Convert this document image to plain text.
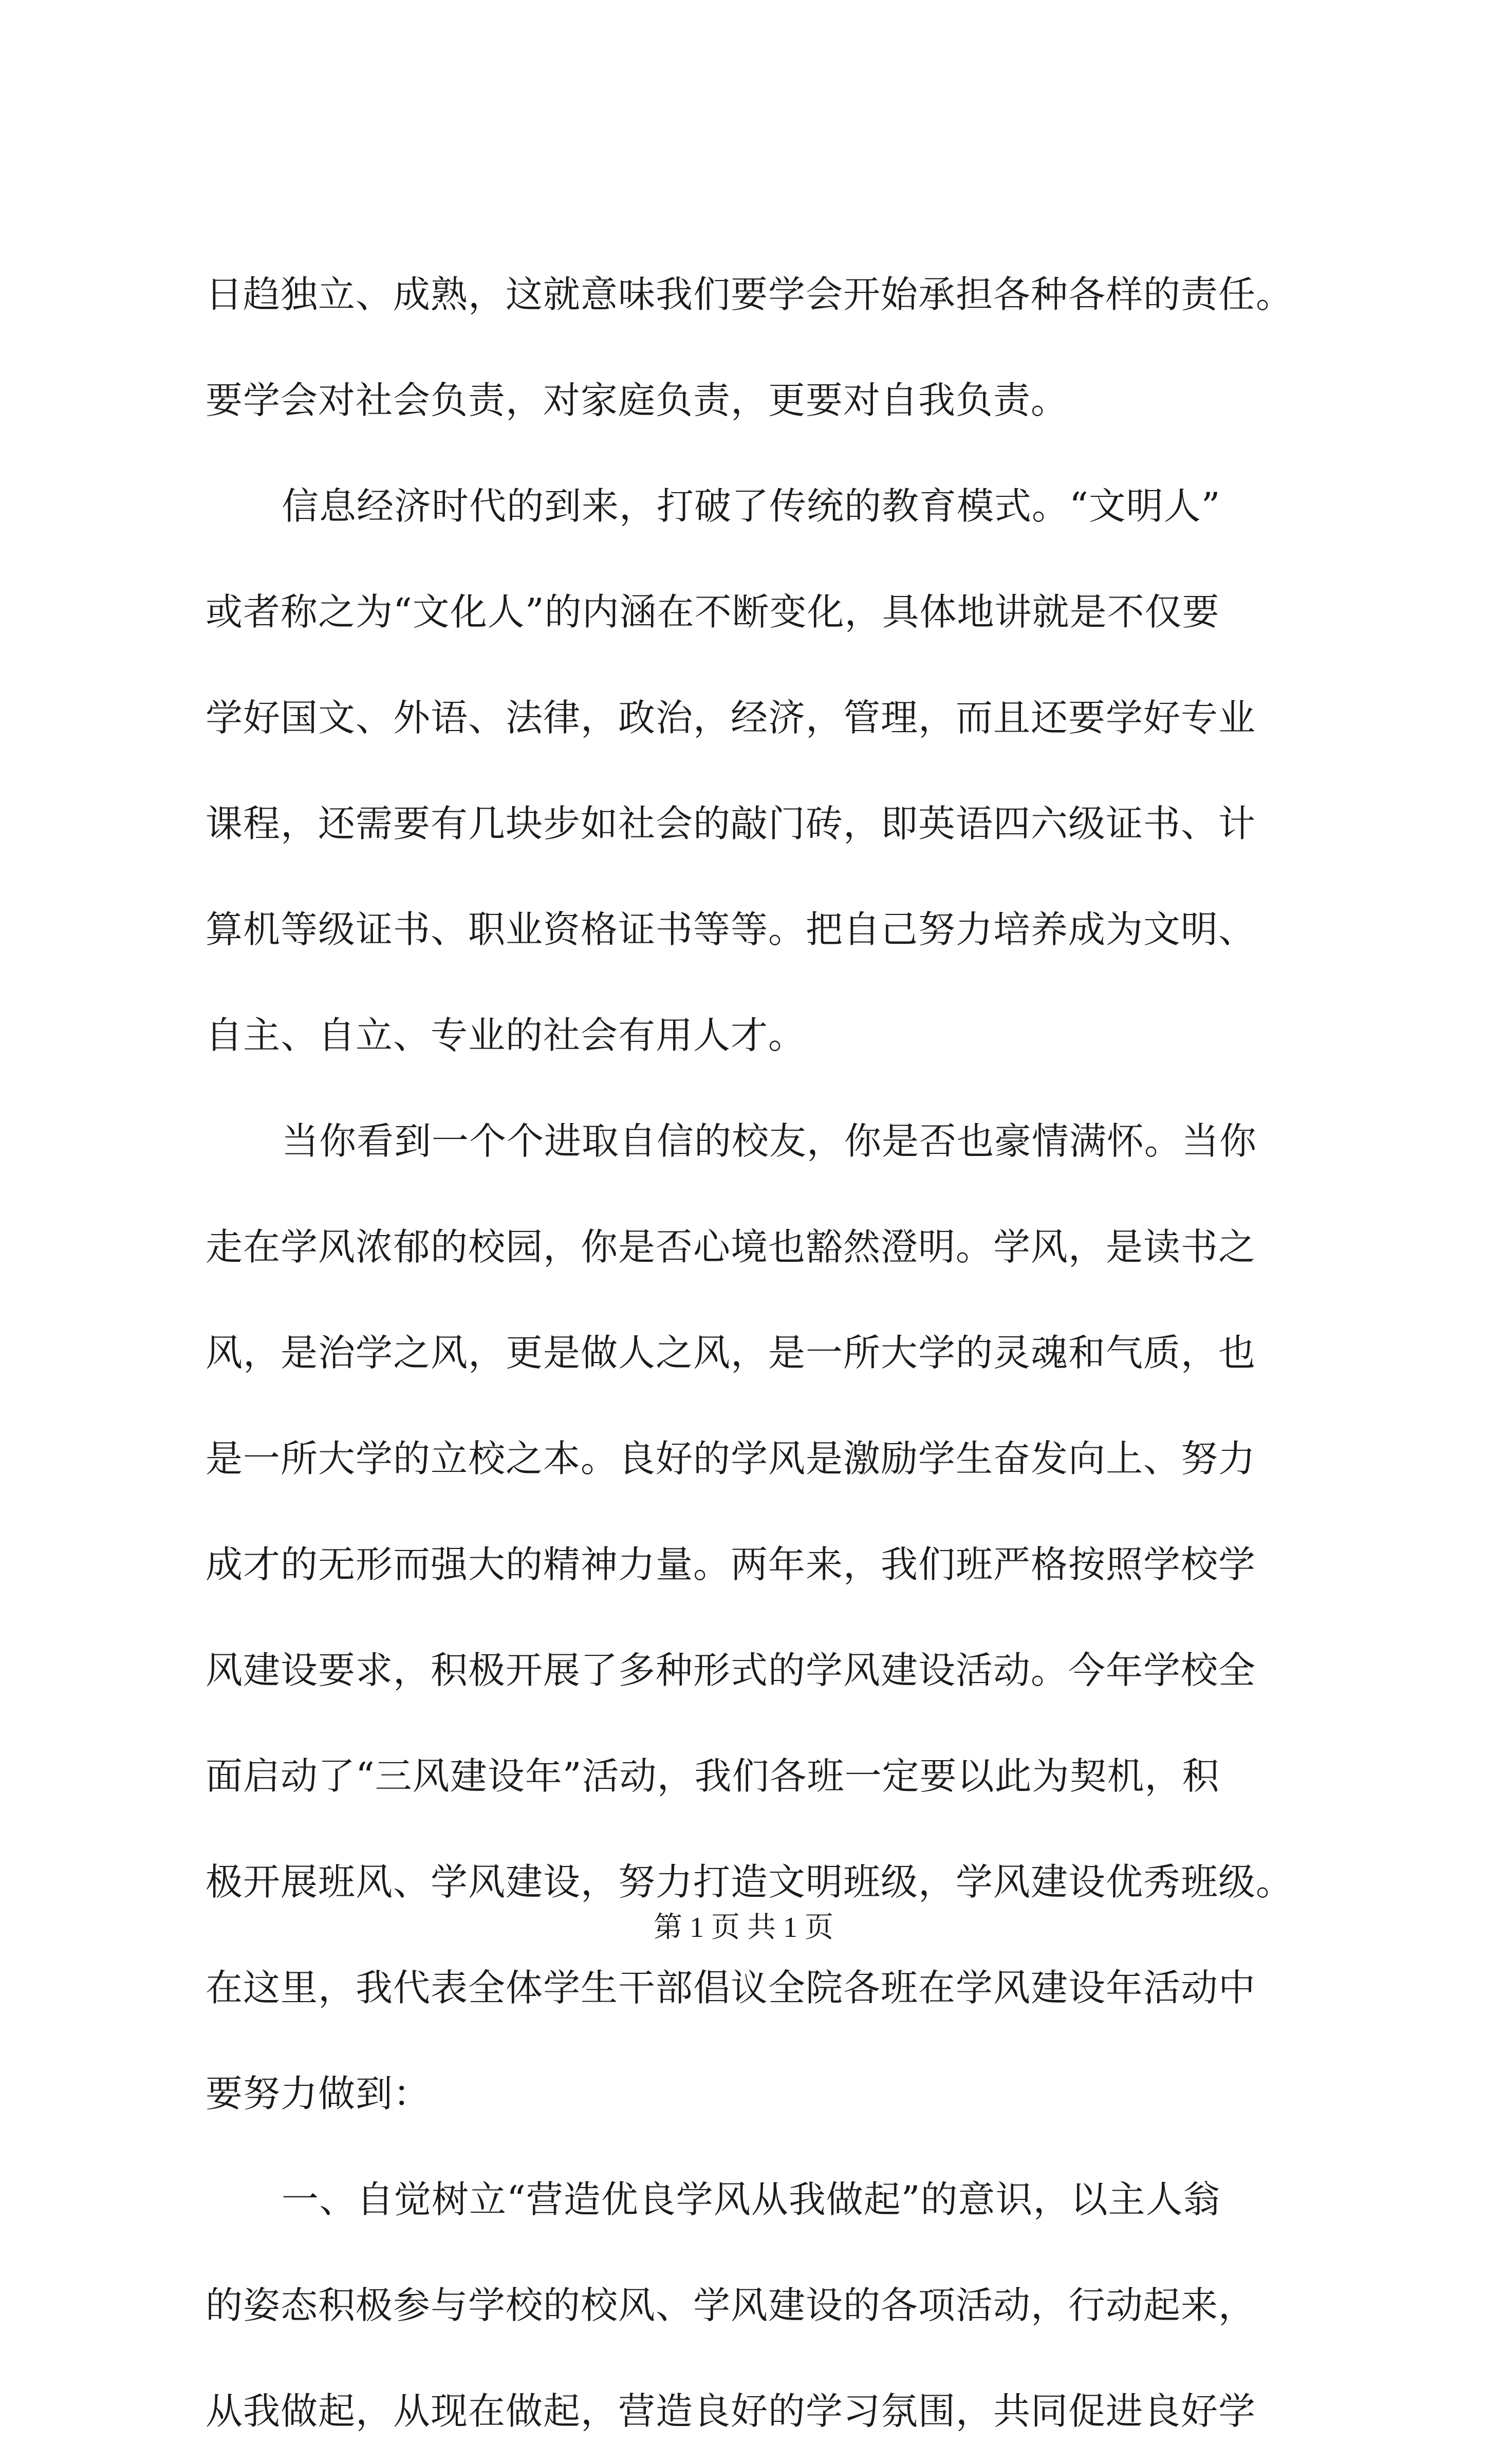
日趋独立、成熟，这就意味我们要学会开始承担各种各样的责任。
要学会对社会负责，对家庭负责，更要对自我负责。
信息经济时代的到来，打破了传统的教育模式。“文明人”
或者称之为“文化人”的内涵在不断变化，具体地讲就是不仅要
学好国文、外语、法律，政治，经济，管理，而且还要学好专业
课程，还需要有几块步如社会的敲门砖，即英语四六级证书、计
算机等级证书、职业资格证书等等。把自己努力培养成为文明、
自主、自立、专业的社会有用人才。
当你看到一个个进取自信的校友，你是否也豪情满怀。当你
走在学风浓郁的校园，你是否心境也豁然澄明。学风，是读书之
风，是治学之风，更是做人之风，是一所大学的灵魂和气质，也
是一所大学的立校之本。良好的学风是激励学生奋发向上、努力
成才的无形而强大的精神力量。两年来，我们班严格按照学校学
风建设要求，积极开展了多种形式的学风建设活动。今年学校全
面启动了“三风建设年”活动，我们各班一定要以此为契机，积
极开展班风、学风建设，努力打造文明班级，学风建设优秀班级。
在这里，我代表全体学生干部倡议全院各班在学风建设年活动中
要努力做到：
一、自觉树立“营造优良学风从我做起”的意识，以主人翁
的姿态积极参与学校的校风、学风建设的各项活动，行动起来，
从我做起，从现在做起，营造良好的学习氛围，共同促进良好学
第 1 页 共 1 页
